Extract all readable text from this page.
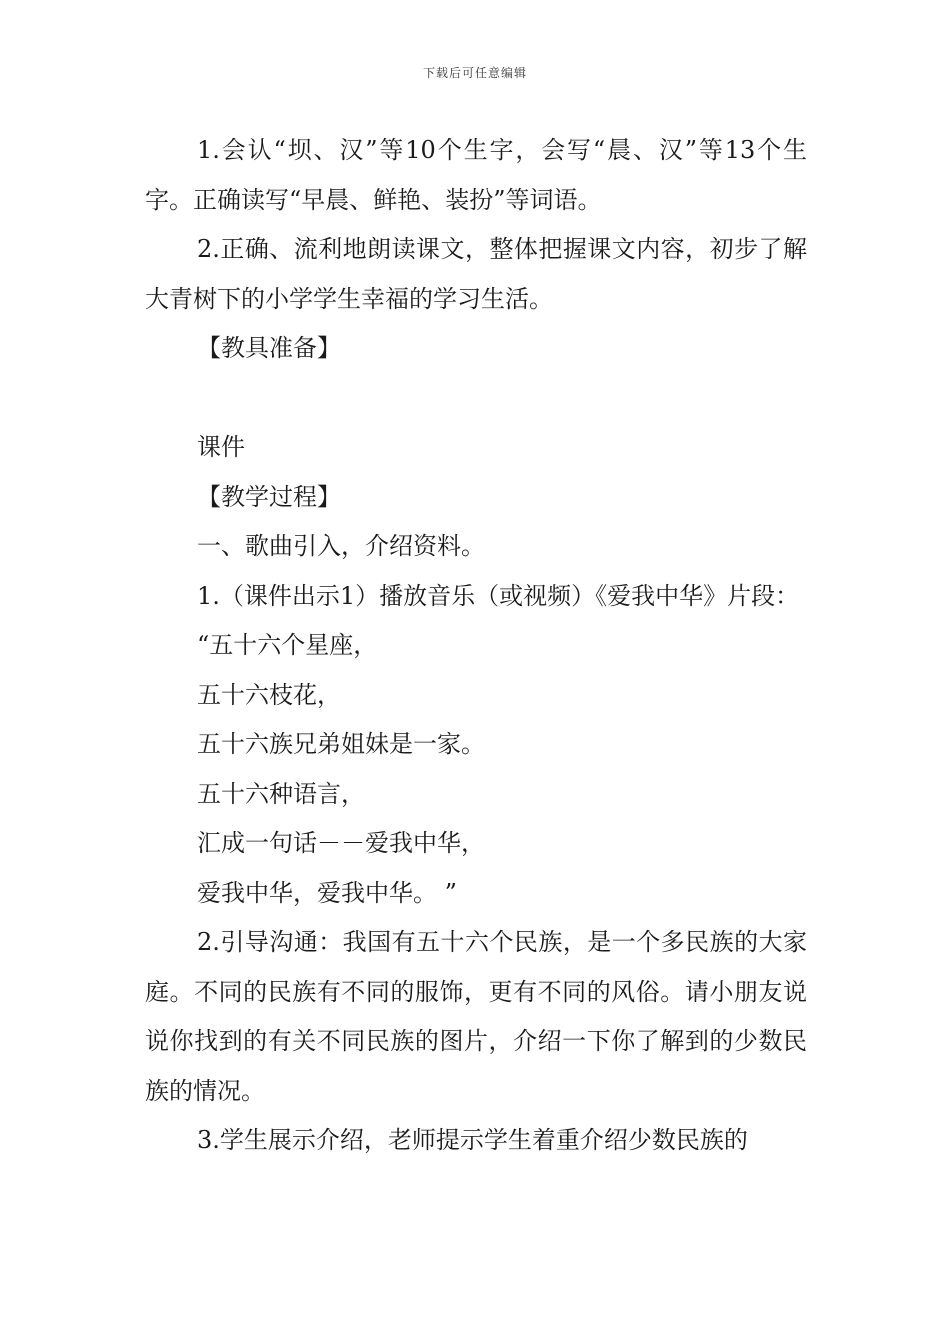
下载后可任意编辑

1.会认“坝、汉”等10个生字，会写“晨、汉”等13个生字。正确读写“早晨、鲜艳、装扮”等词语。

2.正确、流利地朗读课文，整体把握课文内容，初步了解大青树下的小学学生幸福的学习生活。

【教具准备】

课件

【教学过程】

一、歌曲引入，介绍资料。

1.（课件出示1）播放音乐（或视频）《爱我中华》片段：

“五十六个星座，

五十六枝花，

五十六族兄弟姐妹是一家。

五十六种语言，

汇成一句话－－爱我中华，

爱我中华，爱我中华。 ”

2.引导沟通：我国有五十六个民族，是一个多民族的大家庭。不同的民族有不同的服饰，更有不同的风俗。请小朋友说说你找到的有关不同民族的图片，介绍一下你了解到的少数民族的情况。

3.学生展示介绍，老师提示学生着重介绍少数民族的
